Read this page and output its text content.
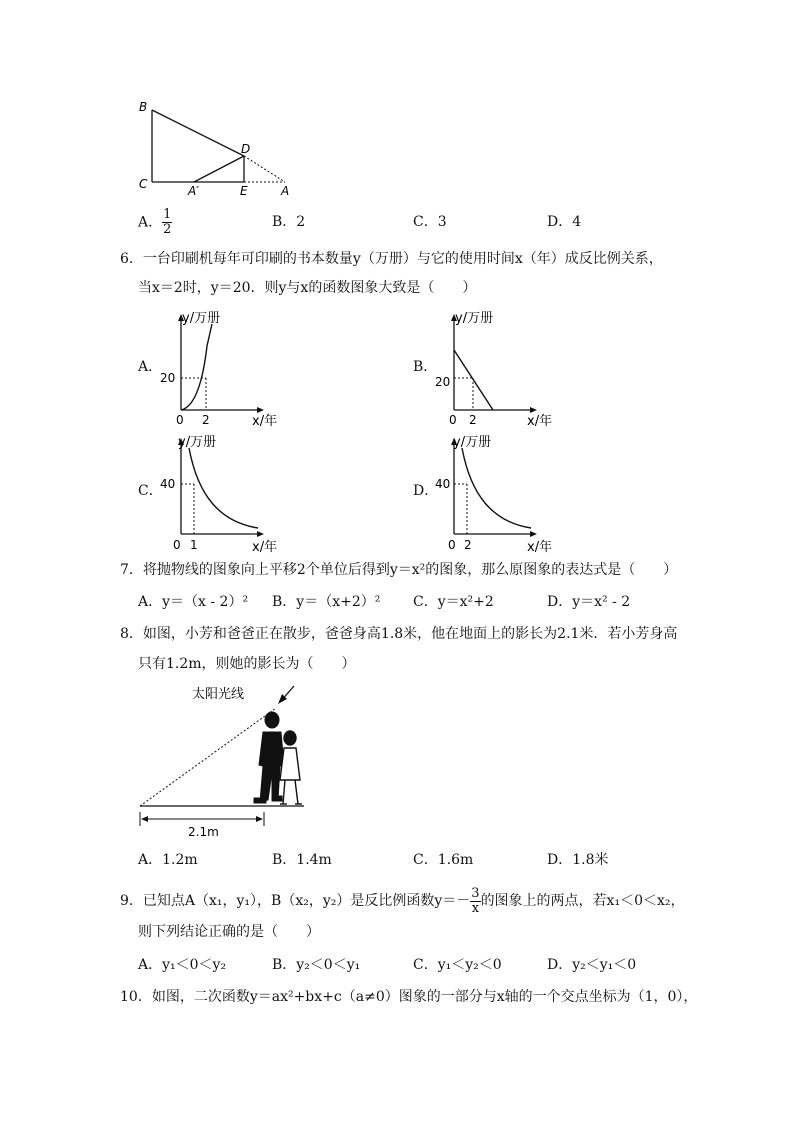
B
C
D
A′	E	A
A． $\frac{1}{2}$	B．2	C．3	D．4
6．一台印刷机每年可印刷的书本数量y（万册）与它的使用时间x（年）成反比例关系，
当x＝2时，y＝20．则y与x的函数图象大致是（　　）
A．
y/万册
x/年
20
2
0
B．
y/万册
x/年
20
2
0
C．
y/万册
x/年
40
1
0
D．
y/万册
x/年
40
2
0
7．将抛物线的图象向上平移2个单位后得到y＝x²的图象，那么原图象的表达式是（　　）
A．y＝（x - 2）² B．y＝（x+2）² C．y＝x²+2	D．y＝x² - 2
8．如图，小芳和爸爸正在散步，爸爸身高1.8米，他在地面上的影长为2.1米．若小芳身高
只有1.2m，则她的影长为（　　）
太阳光线
2.1m
A．1.2m	B．1.4m	C．1.6m	D．1.8米
9．已知点A（x₁，y₁），B（x₂，y₂）是反比例函数$y=- \frac{3}{x}$ 的图象上的两点，若x₁＜0＜x₂，
则下列结论正确的是（　　）
A．y₁＜0＜y₂	B．y₂＜0＜y₁	C．y₁＜y₂＜0	D．y₂＜y₁＜0
10．如图，二次函数y＝ax²+bx+c（a≠0）图象的一部分与x轴的一个交点坐标为（1，0），
